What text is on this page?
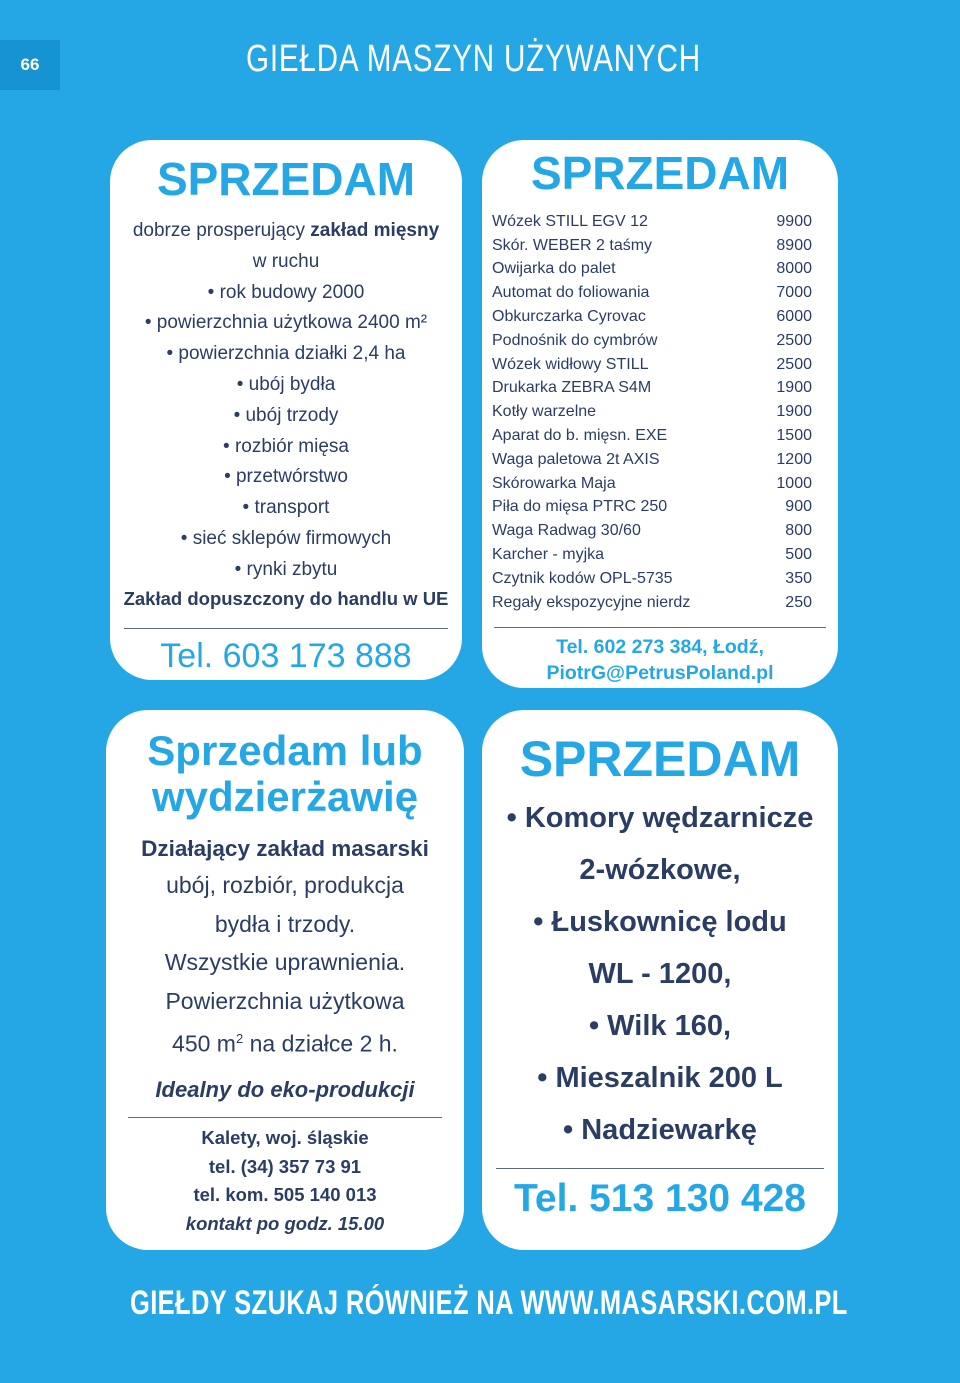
66	GIEŁDA MASZYN UŻYWANYCH
SPRZEDAM
dobrze prosperujący zakład mięsny
w ruchu
• rok budowy 2000
• powierzchnia użytkowa 2400 m²
• powierzchnia działki 2,4 ha
• ubój bydła
• ubój trzody
• rozbiór mięsa
• przetwórstwo
• transport
• sieć sklepów firmowych
• rynki zbytu
Zakład dopuszczony do handlu w UE
Tel. 603 173 888
SPRZEDAM
Wózek STILL EGV 12	9900
Skór. WEBER 2 taśmy	8900
Owijarka do palet	8000
Automat do foliowania	7000
Obkurczarka Cyrovac	6000
Podnośnik do cymbrów	2500
Wózek widłowy STILL	2500
Drukarka ZEBRA S4M	1900
Kotły warzelne	1900
Aparat do b. mięsn. EXE	1500
Waga paletowa 2t AXIS	1200
Skórowarka Maja	1000
Piła do mięsa PTRC 250	900
Waga Radwag 30/60	800
Karcher - myjka	500
Czytnik kodów OPL-5735	350
Regały ekspozycyjne nierdz	250
Tel. 602 273 384, Łodź,
PiotrG@PetrusPoland.pl
Sprzedam lub
wydzierżawię
Działający zakład masarski
ubój, rozbiór, produkcja
bydła i trzody.
Wszystkie uprawnienia.
Powierzchnia użytkowa
450 $m^2$ na działce 2 h.
Idealny do eko-produkcji
Kalety, woj. śląskie
tel. (34) 357 73 91
tel. kom. 505 140 013
kontakt po godz. 15.00
SPRZEDAM
• Komory wędzarnicze
2-wózkowe,
• Łuskownicę lodu
WL - 1200,
• Wilk 160,
• Mieszalnik 200 L
• Nadziewarkę
Tel. 513 130 428
GIEŁDY SZUKAJ RÓWNIEŻ NA WWW.MASARSKI.COM.PL
